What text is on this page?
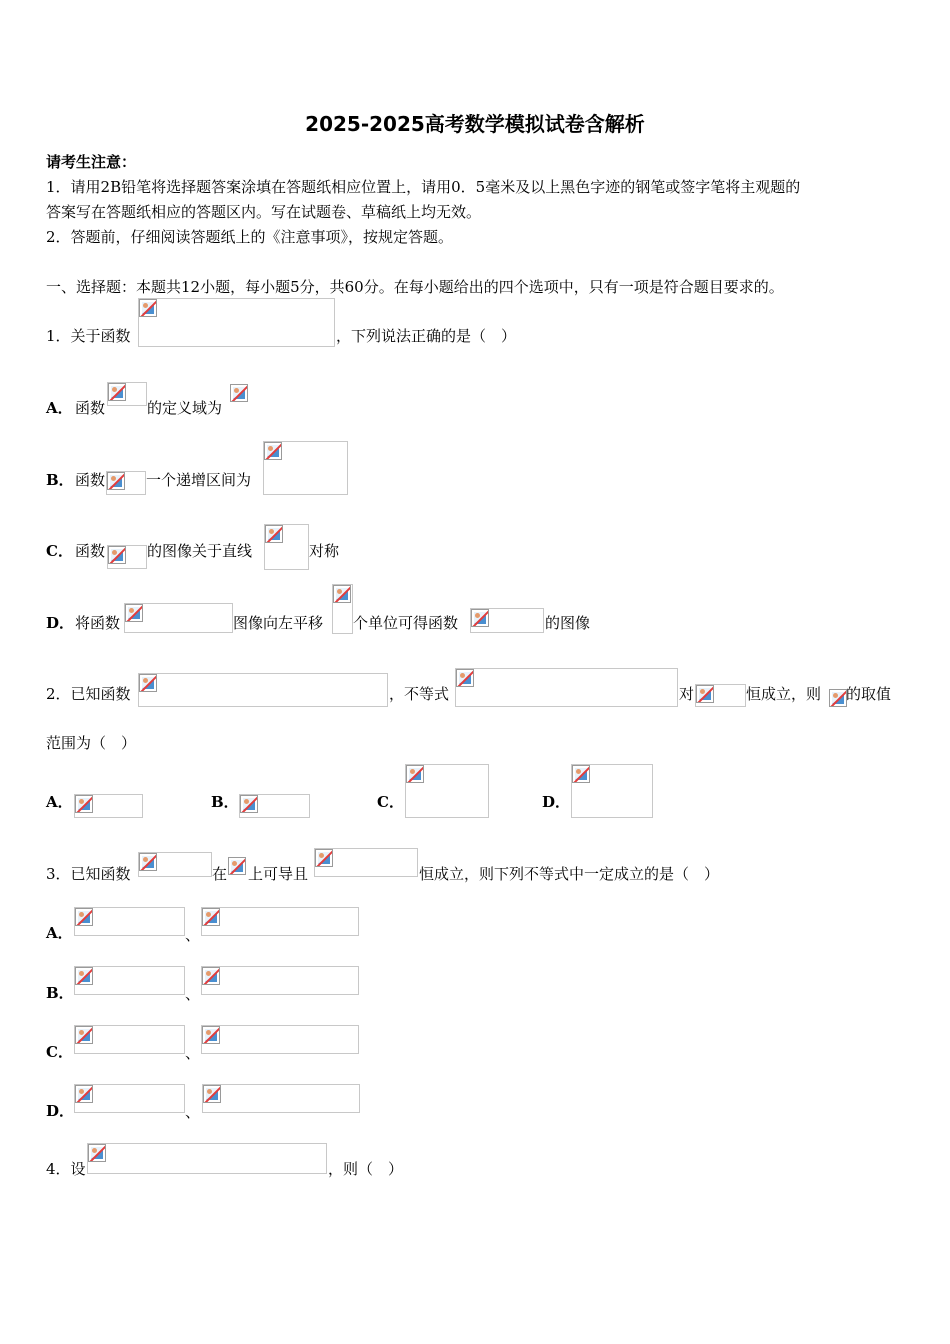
2025-2025高考数学模拟试卷含解析
请考生注意：
1．请用2B铅笔将选择题答案涂填在答题纸相应位置上，请用0．5毫米及以上黑色字迹的钢笔或签字笔将主观题的
答案写在答题纸相应的答题区内。写在试题卷、草稿纸上均无效。
2．答题前，仔细阅读答题纸上的《注意事项》，按规定答题。
一、选择题：本题共12小题，每小题5分，共60分。在每小题给出的四个选项中，只有一项是符合题目要求的。
1．关于函数	，下列说法正确的是（　）
A． 函数	的定义域为
B． 函数	一个递增区间为
C． 函数	的图像关于直线	对称
D． 将函数	图像向左平移 个单位可得函数	的图像
2．已知函数	，不等式	对	恒成立，则 的取值
范围为（　）
A．	B．	C．	D．
3．已知函数	在 上可导且	恒成立，则下列不等式中一定成立的是（　）
A．	、
B．	、
C．	、
D．	、
4．设	，则（　）
